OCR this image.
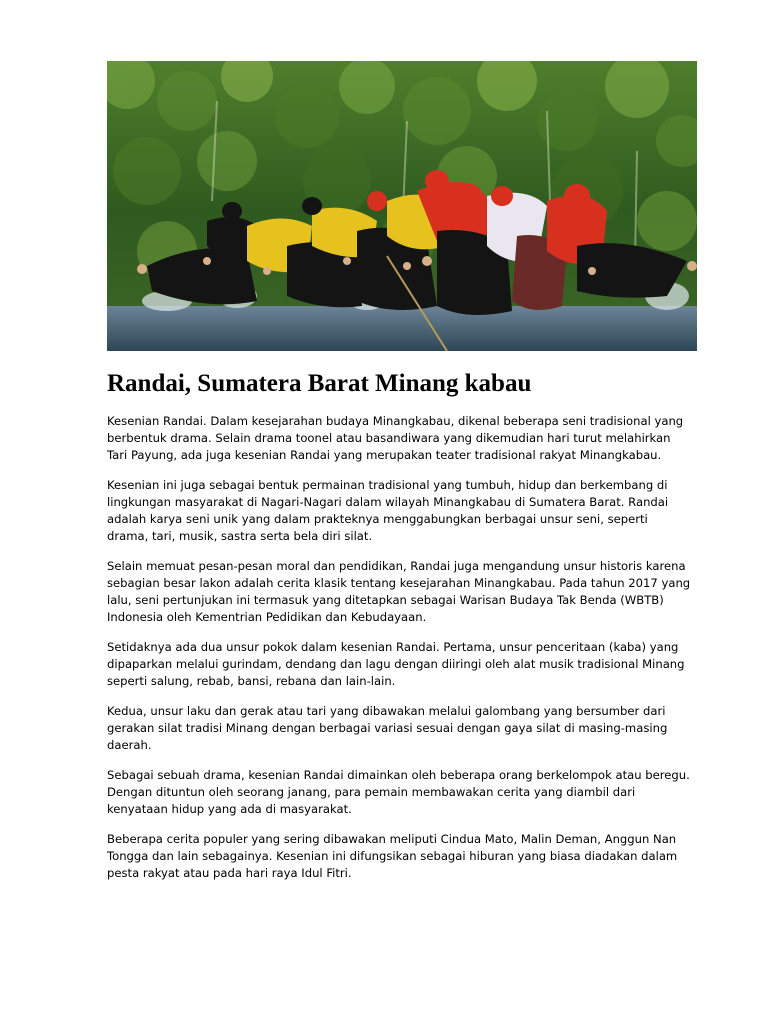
Randai, Sumatera Barat Minang kabau

Kesenian Randai. Dalam kesejarahan budaya Minangkabau, dikenal beberapa seni tradisional yang berbentuk drama. Selain drama toonel atau basandiwara yang dikemudian hari turut melahirkan Tari Payung, ada juga kesenian Randai yang merupakan teater tradisional rakyat Minangkabau.

Kesenian ini juga sebagai bentuk permainan tradisional yang tumbuh, hidup dan berkembang di lingkungan masyarakat di Nagari-Nagari dalam wilayah Minangkabau di Sumatera Barat. Randai adalah karya seni unik yang dalam prakteknya menggabungkan berbagai unsur seni, seperti drama, tari, musik, sastra serta bela diri silat.

Selain memuat pesan-pesan moral dan pendidikan, Randai juga mengandung unsur historis karena sebagian besar lakon adalah cerita klasik tentang kesejarahan Minangkabau. Pada tahun 2017 yang lalu, seni pertunjukan ini termasuk yang ditetapkan sebagai Warisan Budaya Tak Benda (WBTB) Indonesia oleh Kementrian Pedidikan dan Kebudayaan.

Setidaknya ada dua unsur pokok dalam kesenian Randai. Pertama, unsur penceritaan (kaba) yang dipaparkan melalui gurindam, dendang dan lagu dengan diiringi oleh alat musik tradisional Minang seperti salung, rebab, bansi, rebana dan lain-lain.

Kedua, unsur laku dan gerak atau tari yang dibawakan melalui galombang yang bersumber dari gerakan silat tradisi Minang dengan berbagai variasi sesuai dengan gaya silat di masing-masing daerah.

Sebagai sebuah drama, kesenian Randai dimainkan oleh beberapa orang berkelompok atau beregu. Dengan dituntun oleh seorang janang, para pemain membawakan cerita yang diambil dari kenyataan hidup yang ada di masyarakat.

Beberapa cerita populer yang sering dibawakan meliputi Cindua Mato, Malin Deman, Anggun Nan Tongga dan lain sebagainya. Kesenian ini difungsikan sebagai hiburan yang biasa diadakan dalam pesta rakyat atau pada hari raya Idul Fitri.
